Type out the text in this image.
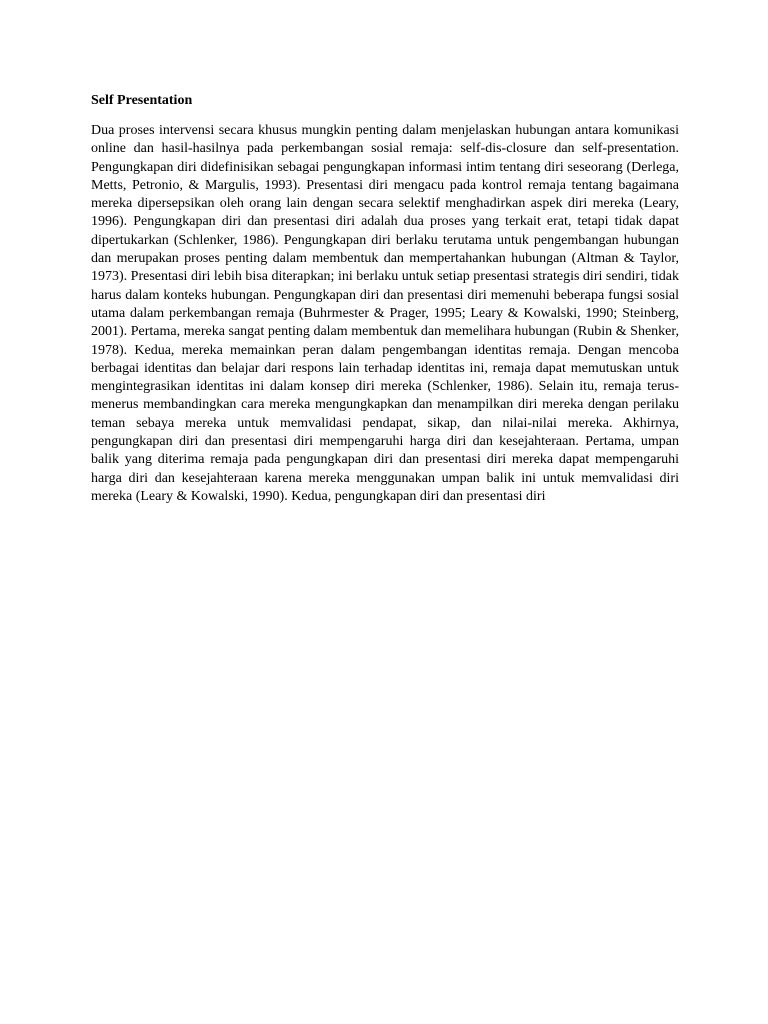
Self Presentation

Dua proses intervensi secara khusus mungkin penting dalam menjelaskan hubungan antara komunikasi online dan hasil-hasilnya pada perkembangan sosial remaja: self-dis-closure dan self-presentation. Pengungkapan diri didefinisikan sebagai pengungkapan informasi intim tentang diri seseorang (Derlega, Metts, Petronio, & Margulis, 1993). Presentasi diri mengacu pada kontrol remaja tentang bagaimana mereka dipersepsikan oleh orang lain dengan secara selektif menghadirkan aspek diri mereka (Leary, 1996). Pengungkapan diri dan presentasi diri adalah dua proses yang terkait erat, tetapi tidak dapat dipertukarkan (Schlenker, 1986). Pengungkapan diri berlaku terutama untuk pengembangan hubungan dan merupakan proses penting dalam membentuk dan mempertahankan hubungan (Altman & Taylor, 1973). Presentasi diri lebih bisa diterapkan; ini berlaku untuk setiap presentasi strategis diri sendiri, tidak harus dalam konteks hubungan. Pengungkapan diri dan presentasi diri memenuhi beberapa fungsi sosial utama dalam perkembangan remaja (Buhrmester & Prager, 1995; Leary & Kowalski, 1990; Steinberg, 2001). Pertama, mereka sangat penting dalam membentuk dan memelihara hubungan (Rubin & Shenker, 1978). Kedua, mereka memainkan peran dalam pengembangan identitas remaja. Dengan mencoba berbagai identitas dan belajar dari respons lain terhadap identitas ini, remaja dapat memutuskan untuk mengintegrasikan identitas ini dalam konsep diri mereka (Schlenker, 1986). Selain itu, remaja terus-menerus membandingkan cara mereka mengungkapkan dan menampilkan diri mereka dengan perilaku teman sebaya mereka untuk memvalidasi pendapat, sikap, dan nilai-nilai mereka. Akhirnya, pengungkapan diri dan presentasi diri mempengaruhi harga diri dan kesejahteraan. Pertama, umpan balik yang diterima remaja pada pengungkapan diri dan presentasi diri mereka dapat mempengaruhi harga diri dan kesejahteraan karena mereka menggunakan umpan balik ini untuk memvalidasi diri mereka (Leary & Kowalski, 1990). Kedua, pengungkapan diri dan presentasi diri
